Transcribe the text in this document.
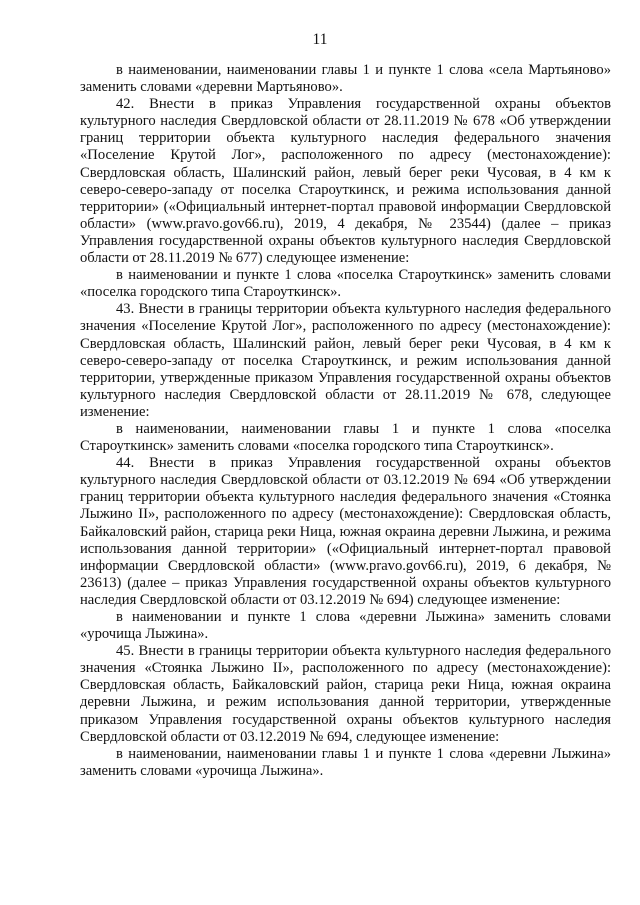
11

в наименовании, наименовании главы 1 и пункте 1 слова «села Мартьяново» заменить словами «деревни Мартьяново».

42. Внести в приказ Управления государственной охраны объектов культурного наследия Свердловской области от 28.11.2019 № 678 «Об утверждении границ территории объекта культурного наследия федерального значения «Поселение Крутой Лог», расположенного по адресу (местонахождение): Свердловская область, Шалинский район, левый берег реки Чусовая, в 4 км к северо-северо-западу от поселка Староуткинск, и режима использования данной территории» («Официальный интернет-портал правовой информации Свердловской области» (www.pravo.gov66.ru), 2019, 4 декабря, № 23544) (далее – приказ Управления государственной охраны объектов культурного наследия Свердловской области от 28.11.2019 № 677) следующее изменение:

в наименовании и пункте 1 слова «поселка Староуткинск» заменить словами «поселка городского типа Староуткинск».

43. Внести в границы территории объекта культурного наследия федерального значения «Поселение Крутой Лог», расположенного по адресу (местонахождение): Свердловская область, Шалинский район, левый берег реки Чусовая, в 4 км к северо-северо-западу от поселка Староуткинск, и режим использования данной территории, утвержденные приказом Управления государственной охраны объектов культурного наследия Свердловской области от 28.11.2019 № 678, следующее изменение:

в наименовании, наименовании главы 1 и пункте 1 слова «поселка Староуткинск» заменить словами «поселка городского типа Староуткинск».

44. Внести в приказ Управления государственной охраны объектов культурного наследия Свердловской области от 03.12.2019 № 694 «Об утверждении границ территории объекта культурного наследия федерального значения «Стоянка Лыжино II», расположенного по адресу (местонахождение): Свердловская область, Байкаловский район, старица реки Ница, южная окраина деревни Лыжина, и режима использования данной территории» («Официальный интернет-портал правовой информации Свердловской области» (www.pravo.gov66.ru), 2019, 6 декабря, № 23613) (далее – приказ Управления государственной охраны объектов культурного наследия Свердловской области от 03.12.2019 № 694) следующее изменение:

в наименовании и пункте 1 слова «деревни Лыжина» заменить словами «урочища Лыжина».

45. Внести в границы территории объекта культурного наследия федерального значения «Стоянка Лыжино II», расположенного по адресу (местонахождение): Свердловская область, Байкаловский район, старица реки Ница, южная окраина деревни Лыжина, и режим использования данной территории, утвержденные приказом Управления государственной охраны объектов культурного наследия Свердловской области от 03.12.2019 № 694, следующее изменение:

в наименовании, наименовании главы 1 и пункте 1 слова «деревни Лыжина» заменить словами «урочища Лыжина».
